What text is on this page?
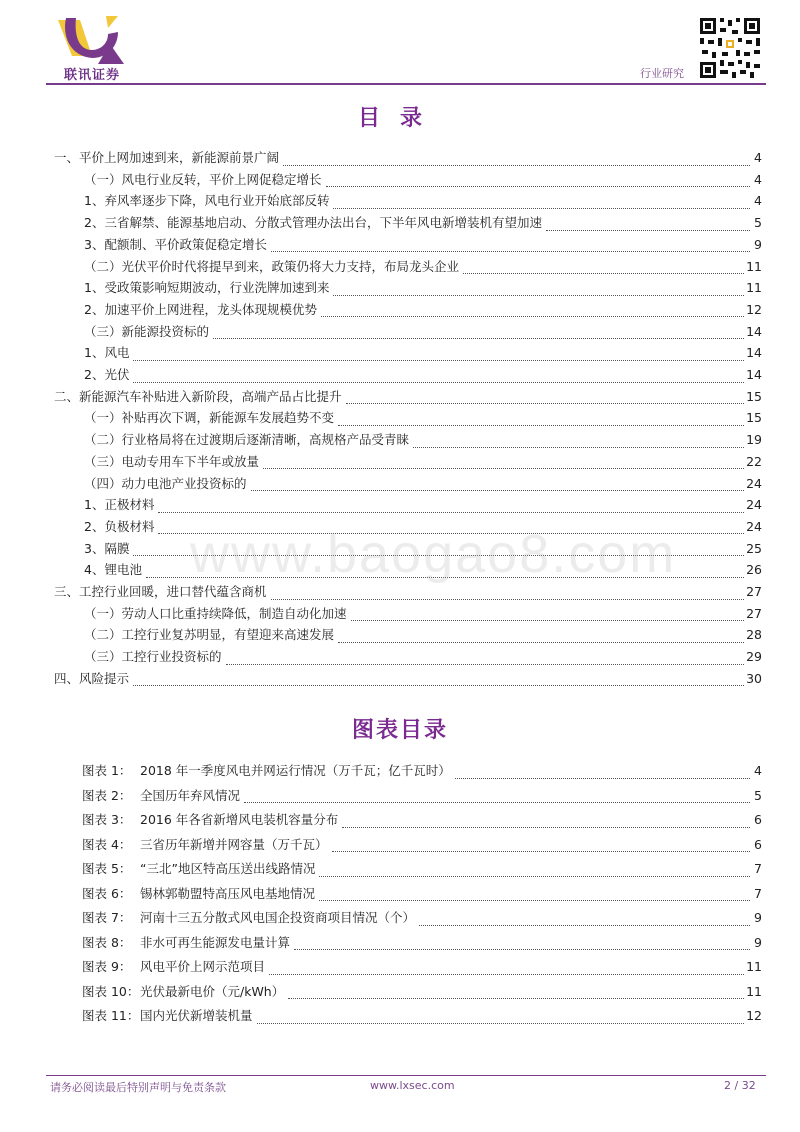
联讯证券	行业研究
目录
一、平价上网加速到来，新能源前景广阔	4
（一）风电行业反转，平价上网促稳定增长	4
1、弃风率逐步下降，风电行业开始底部反转	4
2、三省解禁、能源基地启动、分散式管理办法出台，下半年风电新增装机有望加速	5
3、配额制、平价政策促稳定增长	9
（二）光伏平价时代将提早到来，政策仍将大力支持，布局龙头企业	11
1、受政策影响短期波动，行业洗牌加速到来	11
2、加速平价上网进程，龙头体现规模优势	12
（三）新能源投资标的	14
1、风电	14
2、光伏	14
二、新能源汽车补贴进入新阶段，高端产品占比提升	15
（一）补贴再次下调，新能源车发展趋势不变	15
（二）行业格局将在过渡期后逐渐清晰，高规格产品受青睐	19
（三）电动专用车下半年或放量	22
（四）动力电池产业投资标的	24
1、正极材料	24
2、负极材料	24
3、隔膜	25
4、锂电池	26
三、工控行业回暖，进口替代蕴含商机	27
（一）劳动人口比重持续降低，制造自动化加速	27
（二）工控行业复苏明显，有望迎来高速发展	28
（三）工控行业投资标的	29
四、风险提示	30
www.baogao8.com
图表目录
图表 1： 2018 年一季度风电并网运行情况（万千瓦；亿千瓦时）	4
图表 2： 全国历年弃风情况	5
图表 3： 2016 年各省新增风电装机容量分布	6
图表 4： 三省历年新增并网容量（万千瓦）	6
图表 5： “三北”地区特高压送出线路情况	7
图表 6： 锡林郭勒盟特高压风电基地情况	7
图表 7： 河南十三五分散式风电国企投资商项目情况（个）	9
图表 8： 非水可再生能源发电量计算	9
图表 9： 风电平价上网示范项目	11
图表 10： 光伏最新电价（元/kWh）	11
图表 11： 国内光伏新增装机量	12
请务必阅读最后特别声明与免责条款	www.lxsec.com	2 / 32
